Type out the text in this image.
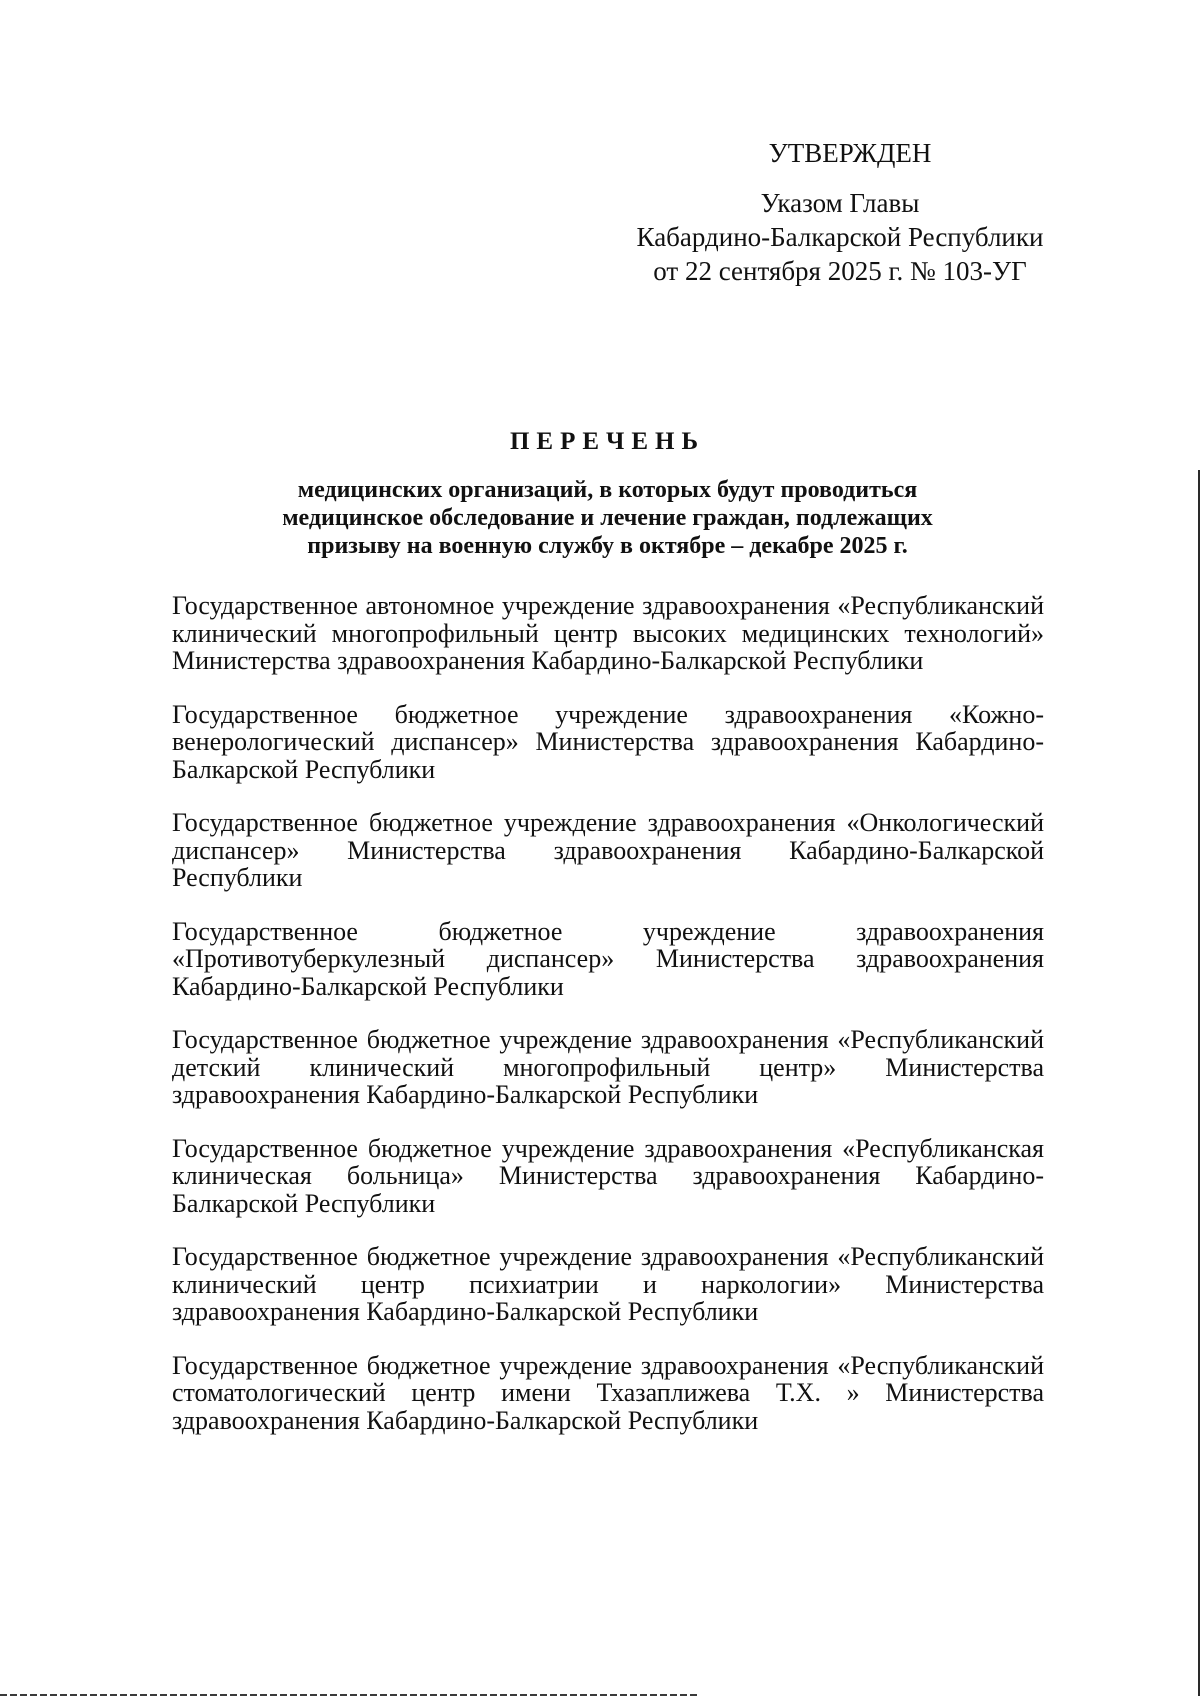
УТВЕРЖДЕН
Указом Главы
Кабардино-Балкарской Республики
от 22 сентября 2025 г. № 103-УГ
ПЕРЕЧЕНЬ
медицинских организаций, в которых будут проводиться
медицинское обследование и лечение граждан, подлежащих
призыву на военную службу в октябре – декабре 2025 г.
Государственное автономное учреждение здравоохранения «Республиканский клинический многопрофильный центр высоких медицинских технологий» Министерства здравоохранения Кабардино-Балкарской Республики
Государственное бюджетное учреждение здравоохранения «Кожно-венерологический диспансер» Министерства здравоохранения Кабардино-Балкарской Республики
Государственное бюджетное учреждение здравоохранения «Онкологический диспансер» Министерства здравоохранения Кабардино-Балкарской Республики
Государственное бюджетное учреждение здравоохранения «Противотуберкулезный диспансер» Министерства здравоохранения Кабардино-Балкарской Республики
Государственное бюджетное учреждение здравоохранения «Республиканский детский клинический многопрофильный центр» Министерства здравоохранения Кабардино-Балкарской Республики
Государственное бюджетное учреждение здравоохранения «Республиканская клиническая больница» Министерства здравоохранения Кабардино-Балкарской Республики
Государственное бюджетное учреждение здравоохранения «Республиканский клинический центр психиатрии и наркологии» Министерства здравоохранения Кабардино-Балкарской Республики
Государственное бюджетное учреждение здравоохранения «Республиканский стоматологический центр имени Тхазаплижева Т.Х. » Министерства здравоохранения Кабардино-Балкарской Республики
